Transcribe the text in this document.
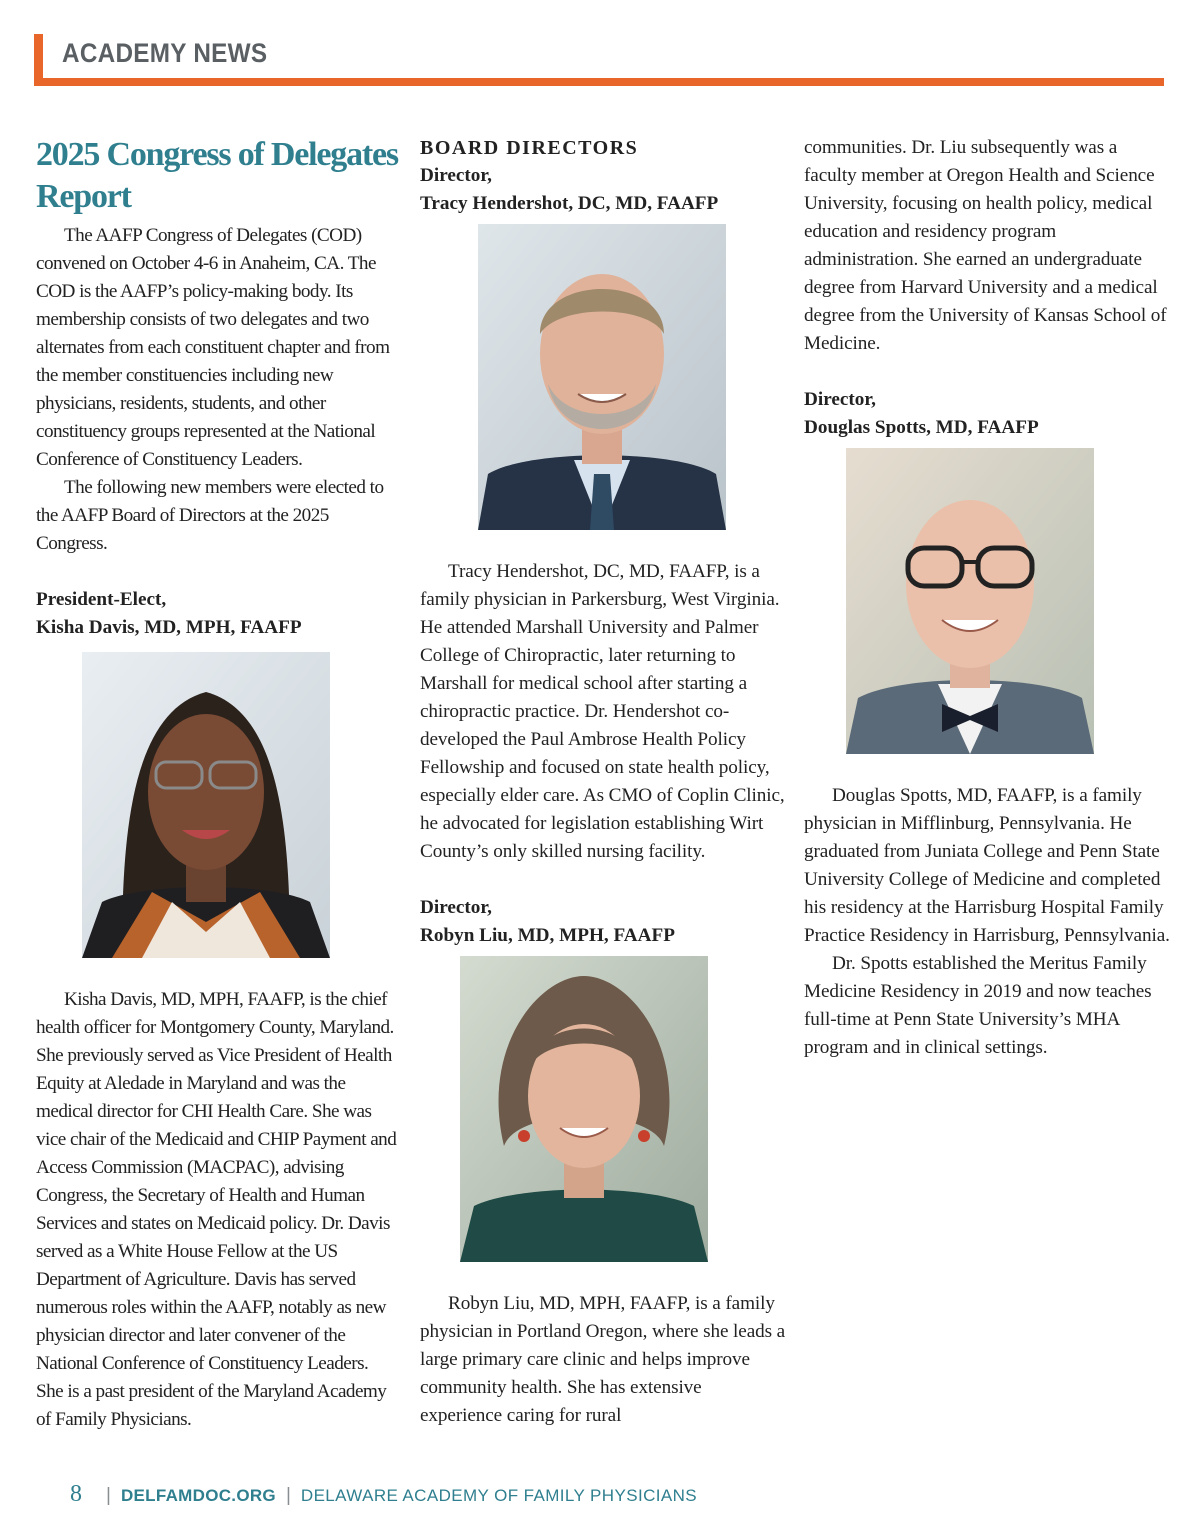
ACADEMY NEWS
2025 Congress of Delegates
Report

The AAFP Congress of Delegates (COD) convened on October 4-6 in Anaheim, CA. The COD is the AAFP’s policy-making body. Its membership consists of two delegates and two alternates from each constituent chapter and from the member constituencies including new physicians, residents, students, and other constituency groups represented at the National Conference of Constituency Leaders.

The following new members were elected to the AAFP Board of Directors at the 2025 Congress.

President-Elect,
Kisha Davis, MD, MPH, FAAFP

Kisha Davis, MD, MPH, FAAFP, is the chief health officer for Montgomery County, Maryland. She previously served as Vice President of Health Equity at Aledade in Maryland and was the medical director for CHI Health Care. She was vice chair of the Medicaid and CHIP Payment and Access Commission (MACPAC), advising Congress, the Secretary of Health and Human Services and states on Medicaid policy. Dr. Davis served as a White House Fellow at the US Department of Agriculture. Davis has served numerous roles within the AAFP, notably as new physician director and later convener of the National Conference of Constituency Leaders. She is a past president of the Maryland Academy of Family Physicians.

BOARD DIRECTORS
Director,
Tracy Hendershot, DC, MD, FAAFP

Tracy Hendershot, DC, MD, FAAFP, is a family physician in Parkersburg, West Virginia. He attended Marshall University and Palmer College of Chiropractic, later returning to Marshall for medical school after starting a chiropractic practice. Dr. Hendershot co-developed the Paul Ambrose Health Policy Fellowship and focused on state health policy, especially elder care. As CMO of Coplin Clinic, he advocated for legislation establishing Wirt County’s only skilled nursing facility.

Director,
Robyn Liu, MD, MPH, FAAFP

Robyn Liu, MD, MPH, FAAFP, is a family physician in Portland Oregon, where she leads a large primary care clinic and helps improve community health. She has extensive experience caring for rural

communities. Dr. Liu subsequently was a faculty member at Oregon Health and Science University, focusing on health policy, medical education and residency program administration. She earned an undergraduate degree from Harvard University and a medical degree from the University of Kansas School of Medicine.

Director,
Douglas Spotts, MD, FAAFP

Douglas Spotts, MD, FAAFP, is a family physician in Mifflinburg, Pennsylvania. He graduated from Juniata College and Penn State University College of Medicine and completed his residency at the Harrisburg Hospital Family Practice Residency in Harrisburg, Pennsylvania.

Dr. Spotts established the Meritus Family Medicine Residency in 2019 and now teaches full-time at Penn State University’s MHA program and in clinical settings.

8 | DELFAMDOC.ORG | DELAWARE ACADEMY OF FAMILY PHYSICIANS
